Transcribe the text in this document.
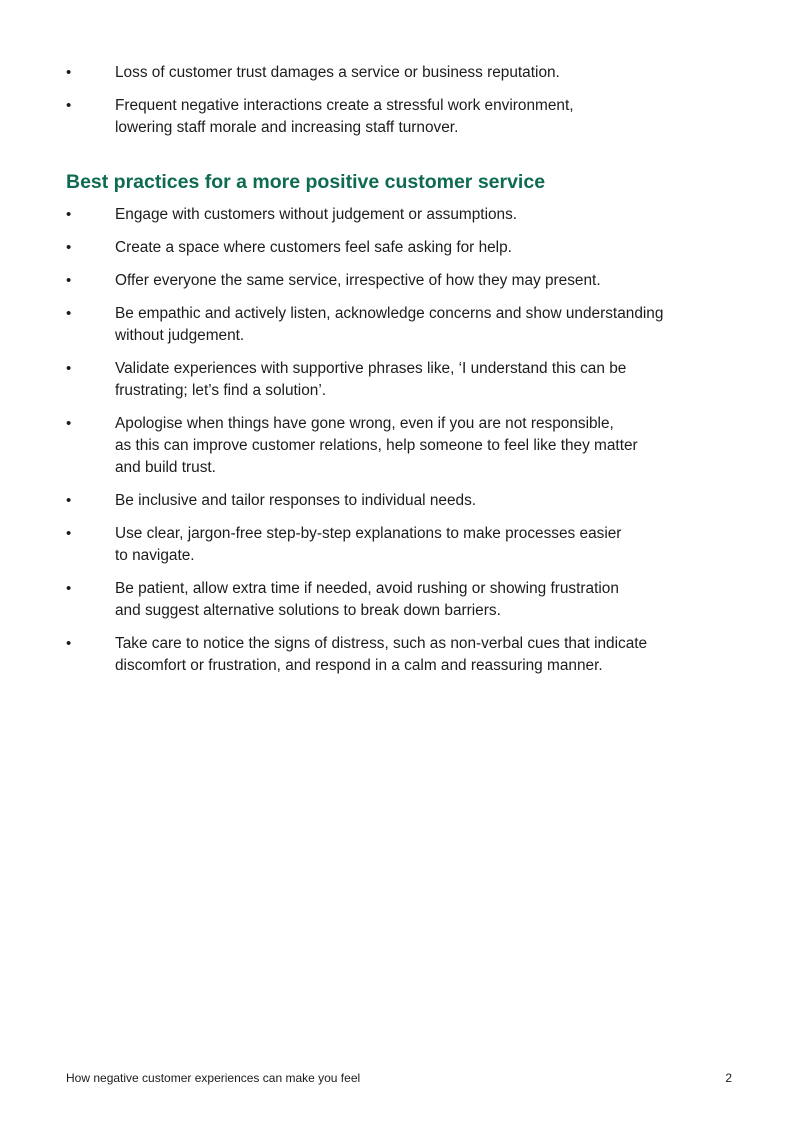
•	Loss of customer trust damages a service or business reputation.
•	Frequent negative interactions create a stressful work environment,
lowering staff morale and increasing staff turnover.
Best practices for a more positive customer service
•	Engage with customers without judgement or assumptions.
•	Create a space where customers feel safe asking for help.
•	Offer everyone the same service, irrespective of how they may present.
•	Be empathic and actively listen, acknowledge concerns and show understanding
without judgement.
•	Validate experiences with supportive phrases like, ‘I understand this can be
frustrating; let’s find a solution’.
•	Apologise when things have gone wrong, even if you are not responsible,
as this can improve customer relations, help someone to feel like they matter
and build trust.
•	Be inclusive and tailor responses to individual needs.
•	Use clear, jargon-free step-by-step explanations to make processes easier
to navigate.
•	Be patient, allow extra time if needed, avoid rushing or showing frustration
and suggest alternative solutions to break down barriers.
•	Take care to notice the signs of distress, such as non-verbal cues that indicate
discomfort or frustration, and respond in a calm and reassuring manner.
How negative customer experiences can make you feel	2
